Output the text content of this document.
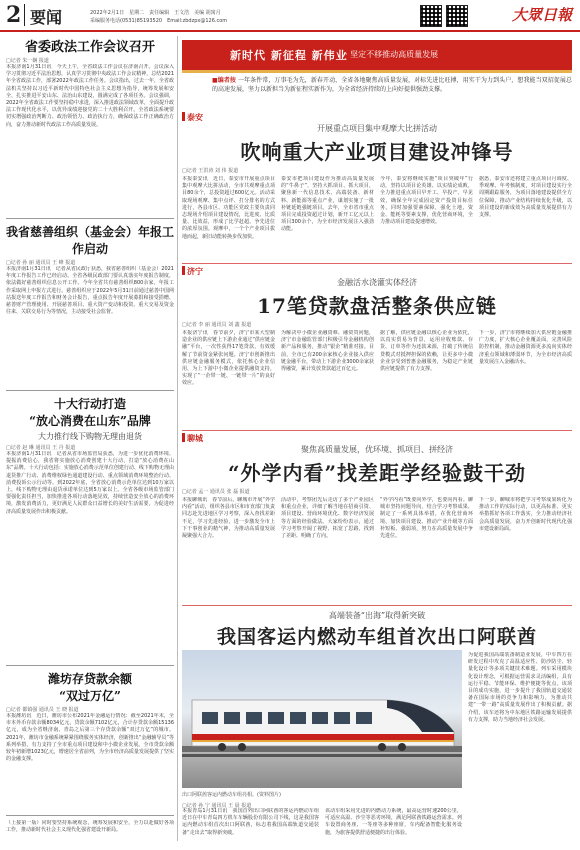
2 要闻	2022年2月1日　星期二　责任编辑　王文浩　美编 胡寓月
采编服务电话(0531)85193520　Email:zbdzpx@126.com	大眾日報
省委政法工作会议召开
□记者 朱一娴 报道
本报济南1月31日讯　今天上午，全省政法工作会议在济南召开。会议深入学习贯彻习近平法治思想，认真学习贯彻中央政法工作会议精神，总结2021年全省政法工作，部署2022年政法工作任务。会议指出，过去一年，全省政法机关坚持以习近平新时代中国特色社会主义思想为指导，统筹发展和安全，扎实推进平安山东、法治山东建设，圆满完成了各项任务。会议强调，2022年全省政法工作要坚持稳中求进，深入推进政法领域改革，全面提升政法工作现代化水平，以优异成绩迎接党的二十大胜利召开。全省政法系统要切实增强政治判断力、政治领悟力、政治执行力，确保政法工作正确政治方向，奋力推动新时代政法工作高质量发展。
我省慈善组织（基金会）年报工作启动
□记者 孙 丽 通讯员 王 峰 报道
本报济南1月31日讯　记者从省民政厅获悉，我省慈善组织（基金会）2021年度工作报告工作已经启动。全省各级民政部门要认真落实年度报告制度，依法做好慈善组织信息公开工作。今年全省共有慈善组织800余家，年报工作采取网上申报方式进行。慈善组织应于2022年5月31日前通过慈善中国网站报送年度工作报告和财务会计报告，重点报告年度开展募捐和接受捐赠、慈善财产管理使用、开展慈善项目、重大资产变动和投资、重大交易及资金往来、关联交易行为等情况，主动接受社会监督。
十大行动打造
“放心消费在山东”品牌
大力推行线下购物无理由退货
□记者 赵 琳 通讯员 王 丹 报道
本报济南1月31日讯　记者从省市场监管局获悉，为进一步优化消费环境、提振消费信心，我省将实施放心消费创建十大行动，打造“放心消费在山东”品牌。十大行动包括：实施放心消费示范单位创建行动、线下购物无理由退货推广行动、消费维权绿色通道建设行动、重点领域消费环境整治行动、消费投诉公示行动等。到2022年底，全省放心消费示范单位达到10万家以上，线下购物无理由退货承诺单位达到5万家以上。全省各级市场监管部门要强化责任担当，加快推进各项行动落地见效，持续营造安全放心的消费环境，激发消费活力，更好满足人民群众日益增长的美好生活需要，为促进经济高质量发展作出积极贡献。
潍坊存贷款余额
“双过万亿”
□记者 都镇强 通讯员 王 晓 报道
本报潍坊讯　近日，潍坊市公布2021年金融运行情况：截至2021年末，全市本外币存款余额8034亿元，贷款余额7102亿元，合计存贷款余额15136亿元，成为全省继济南、青岛之后第三个存贷款余额“双过万亿”的城市。2021年，潍坊市金融系统紧紧围绕服务实体经济，创新推出“金融辅导员”等系列举措，有力支持了全市重点项目建设和中小微企业发展。全市贷款余额较年初新增1023亿元，增速居全省前列，为全市经济高质量发展提供了坚实的金融支撑。
（上接第一版）同时要坚持系统观念，统筹发展和安全，全力以赴做好各项工作，推动新时代社会主义现代化强省建设开新局。
新时代 新征程 新伟业
· 坚定不移推动高质量发展
■编者按 一年条件常，万事毛为先，新春开动，全省各地聚焦高质量发展，对标先进比旺搏，用实干为力到头户，想我能当双招促展总的高速发展，坚力以新担当为新征程实新作为，为全省经济持续的上向好提供强劲支撑。
泰安
开展重点项目集中观摩大比拼活动
吹响重大产业项目建设冲锋号
□记者 王洪涛 刘 伟 报道
本报泰安讯　近日，泰安市开展重点项目集中观摩大比拼活动，全市共观摩重点项目80余个，总投资超过600亿元。活动采取现场观摩、集中点评、打分排名的方式进行，各县市区、功能区党政主要负责同志现场介绍项目建设情况，比进度、比质量、比效益，形成了比学赶超、争先进位的浓厚氛围。观摩中，一个个产业项目拔地而起，新旧动能转换步伐加快。
泰安市把项目建设作为推动高质量发展的“牛鼻子”，坚持大抓项目、抓大项目，聚焦新一代信息技术、高端装备、新材料、新能源等重点产业，谋划实施了一批补链延链强链项目。去年，全市省市重点项目完成投资超过计划，新开工亿元以上项目300余个，为全市经济发展注入强劲动能。
今年，泰安将继续实施“项目突破年”行动，坚持以项目论英雄、以实绩论成败，全力推进重点项目早开工、早投产、早见效，确保全年完成固定资产投资目标任务。同时加强要素保障，强化土地、资金、能耗等要素支撑，优化营商环境，全力推动项目建设提速增效。
据悉，泰安市还将建立重点项目月调度、季观摩、年考核制度，对项目建设实行全周期跟踪服务，为项目落地建设提供全方位保障，推动产业结构持续优化升级，以项目建设的新成效为高质量发展提供有力支撑。
济宁
金融活水浇灌实体经济
17笔贷款盘活整条供应链
□记者 李 丽 通讯员 刘 鑫 报道
本报济宁讯　春节前夕，济宁市某大型制造企业的供应链上下游企业通过“供应链金融”平台，一次性获得17笔贷款，有效缓解了节前资金紧张问题。济宁市创新推出供应链金融服务模式，依托核心企业信用，为上下游中小微企业提供融资支持，实现了“一企带一链、一链带一片”的良好效应。
为解决中小微企业融资难、融资贵问题，济宁市金融监管部门积极引导金融机构创新产品和服务，推动“银企”精准对接。目前，全市已有200余家核心企业接入供应链金融平台，带动上下游企业3000余家获得融资，累计发放贷款超过百亿元。
据了解，供应链金融以核心企业为依托，以真实贸易为背景，运用应收账款、存货、订单等作为还款来源，打破了传统信贷模式对抵押担保的依赖，让更多中小微企业享受到普惠金融服务，为稳定产业链供应链提供了有力支撑。
下一步，济宁市将继续加大供应链金融推广力度，扩大核心企业覆盖面，完善风险防控机制，推动金融资源更多流向实体经济重点领域和薄弱环节，为全市经济高质量发展注入金融活水。
聊城
聚焦高质量发展，优环境、抓项目、拼经济
“外学内看”找差距学经验鼓干劲
□记者 孟一 通讯员 张 磊 报道
本报聊城讯　春节前后，聊城市开展“外学内看”活动，组织各县市区和市直部门负责同志赴先进地区学习考察，深入查找差距不足，学习先进经验，进一步激发全市上下干事创业的精气神，为推动高质量发展凝聚强大合力。
活动中，考察团先后走访了多个产业园区和重点企业，详细了解当地在招商引资、项目建设、营商环境优化、数字经济发展等方面的经验做法。大家纷纷表示，通过学习考察开阔了视野、拓宽了思路，找到了差距、明确了方向。
“外学内看”既要向外学，也要向内看。聊城市坚持问题导向，结合学习考察成果，制定了一系列具体举措，在优化营商环境、加快项目建设、推动产业升级等方面补短板、强弱项，努力在高质量发展中争先进位。
下一步，聊城市将把学习考察成果转化为推动工作的实际行动，以更高标准、更实举措抓好各项工作落实，全力推动经济社会高质量发展，奋力开创新时代现代化强市建设新局面。
高端装备“出海”取得新突破
我国客运内燃动车组首次出口阿联酋
出口阿联酋客运内燃动车组亮相。(资料图片)
为促进我国高端装备制造业发展，中车四方在研发过程中攻克了高温适应性、防沙防尘、轻量化设计等多项关键技术难题。列车采用模块化设计理念，可根据运营需求灵活编组，具有运行平稳、节能环保、维护便捷等优点。该项目的成功实施，进一步提升了我国轨道交通装备在国际市场的竞争力和影响力，为推动共建“一带一路”高质量发展作出了积极贡献。据介绍，该车还将为中东地区铁路运输发展提供有力支撑，助力当地经济社会发展。
□记者 孙 宁 通讯员 王 晨 报道
本报青岛1月31日讯　我国首列出口阿联酋的客运内燃动车组近日在中车青岛四方机车车辆股份有限公司下线，这是我国客运内燃动车组首次出口阿联酋，标志着我国高端轨道交通装备“走出去”取得新突破。
该动车组采用先进的内燃动力系统，最高运营时速200公里，可适应高温、沙尘等恶劣环境，满足阿联酋铁路运营需求。列车设置商务座、一等座等多种座席，车内配备智能化服务设施，为旅客提供舒适便捷的出行体验。
